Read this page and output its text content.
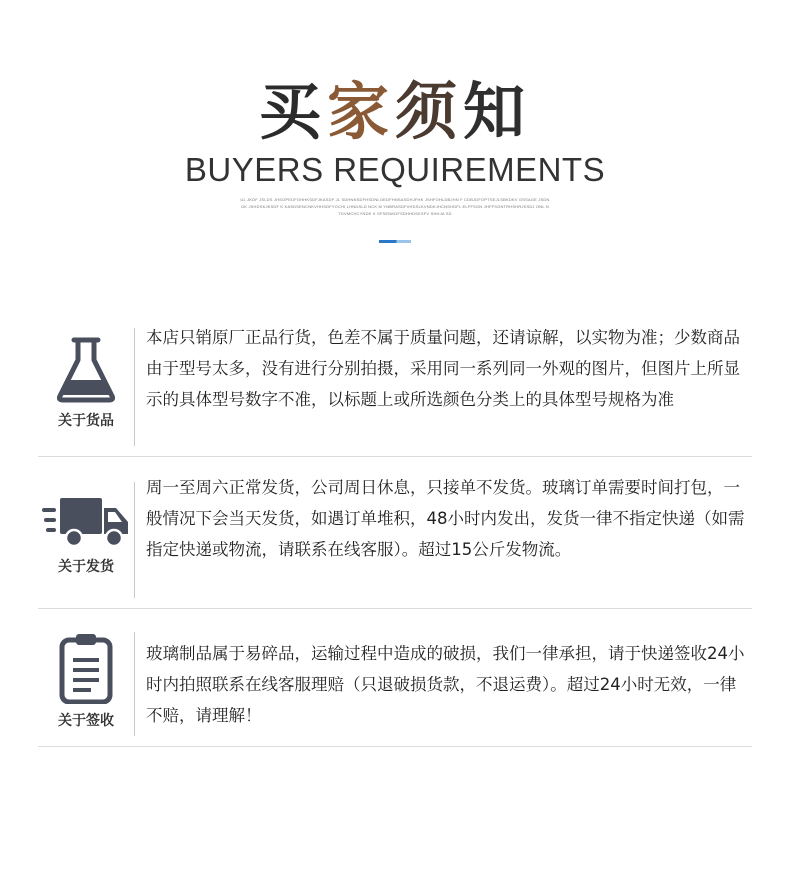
买家须知
BUYERS REQUIREMENTS
UL JKDF JSLDS JHSOPEDFGHHKSDFJKASDF JL SDHNNSDFHSDNLOEDFHNSASDHJFHK JSHFOHLDBJHN F CDBJDFOPTSEJLSBKDKV GSSAGE JSDNGK JSHDSKJKSDF K KASDSENCNKVHHSDFYOCHI LHNDSLD NCK M YNBRASDFVHDSLKVNDKJHCNSHDFL ELFFSGN JHFFSGNTRHSHRJKSDJ ONL NTDVMCHCYNDK K SFSENKDFSDHHDSKSFV SHHJA SD
关于货品

本店只销原厂正品行货，色差不属于质量问题，还请谅解，以实物为准；少数商品由于型号太多，没有进行分别拍摄，采用同一系列同一外观的图片，但图片上所显示的具体型号数字不准，以标题上或所选颜色分类上的具体型号规格为准

关于发货

周一至周六正常发货，公司周日休息，只接单不发货。玻璃订单需要时间打包，一般情况下会当天发货，如遇订单堆积，48小时内发出，发货一律不指定快递（如需指定快递或物流，请联系在线客服）。超过15公斤发物流。

关于签收

玻璃制品属于易碎品，运输过程中造成的破损，我们一律承担，请于快递签收24小时内拍照联系在线客服理赔（只退破损货款，不退运费）。超过24小时无效，一律不赔，请理解！
